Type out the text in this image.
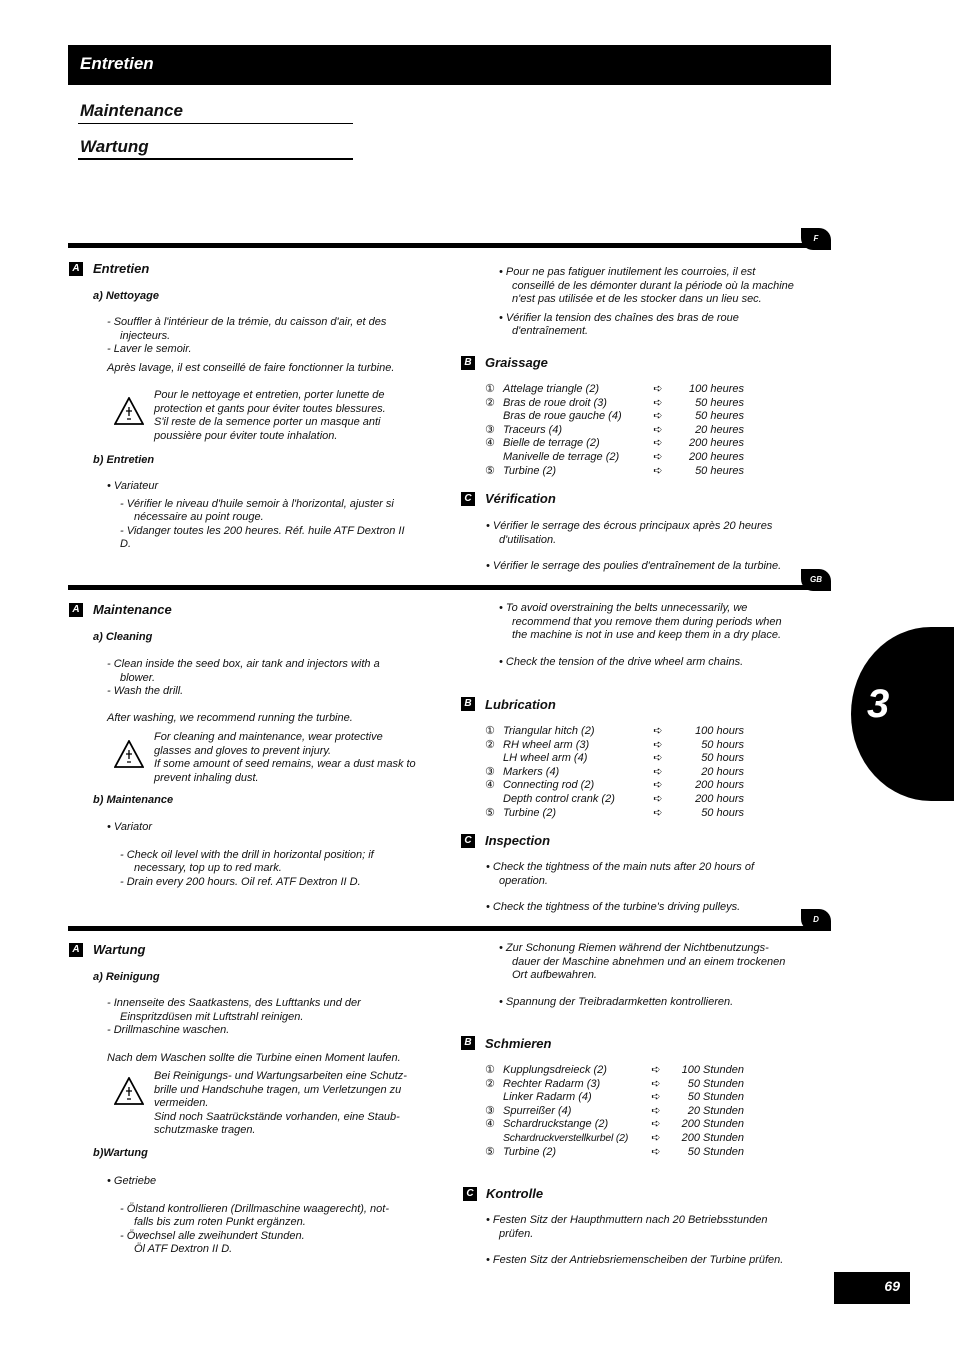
Entretien
Maintenance
Wartung
3
69
F
A Entretien
a) Nettoyage
- Souffler à l'intérieur de la trémie, du caisson d'air, et des
injecteurs.
- Laver le semoir.
Après lavage, il est conseillé de faire fonctionner la turbine.
Pour le nettoyage et entretien, porter lunette de
protection et gants pour éviter toutes blessures.
S'il reste de la semence porter un masque anti
poussière pour éviter toute inhalation.
b) Entretien
• Variateur
- Vérifier le niveau d'huile semoir à l'horizontal, ajuster si
nécessaire au point rouge.
- Vidanger toutes les 200 heures. Réf. huile ATF Dextron II D.
• Pour ne pas fatiguer inutilement les courroies, il est
conseillé de les démonter durant la période où la machine
n'est pas utilisée et de les stocker dans un lieu sec.
• Vérifier la tension des chaînes des bras de roue
d'entraînement.
B Graissage
①	Attelage triangle (2)	➪	100 heures
②	Bras de roue droit (3)	➪	50 heures
	Bras de roue gauche (4)	➪	50 heures
③	Traceurs (4)	➪	20 heures
④	Bielle de terrage (2)	➪	200 heures
	Manivelle de terrage (2)	➪	200 heures
⑤	Turbine (2)	➪	50 heures
C Vérification
• Vérifier le serrage des écrous principaux après 20 heures
d'utilisation.
• Vérifier le serrage des poulies d'entraînement de la turbine.
GB
A Maintenance
a) Cleaning
- Clean inside the seed box, air tank and injectors with a
blower.
- Wash the drill.
After washing, we recommend running the turbine.
For cleaning and maintenance, wear protective
glasses and gloves to prevent injury.
If some amount of seed remains, wear a dust mask to
prevent inhaling dust.
b) Maintenance
• Variator
- Check oil level with the drill in horizontal position; if
necessary, top up to red mark.
- Drain every 200 hours. Oil ref. ATF Dextron II D.
• To avoid overstraining the belts unnecessarily, we
recommend that you remove them during periods when
the machine is not in use and keep them in a dry place.
• Check the tension of the drive wheel arm chains.
B Lubrication
①	Triangular hitch (2)	➪	100 hours
②	RH wheel arm (3)	➪	50 hours
	LH wheel arm (4)	➪	50 hours
③	Markers (4)	➪	20 hours
④	Connecting rod (2)	➪	200 hours
	Depth control crank (2)	➪	200 hours
⑤	Turbine (2)	➪	50 hours
C Inspection
• Check the tightness of the main nuts after 20 hours of
operation.
• Check the tightness of the turbine's driving pulleys.
D
A Wartung
a) Reinigung
- Innenseite des Saatkastens, des Lufttanks und der
Einspritzdüsen mit Luftstrahl reinigen.
- Drillmaschine waschen.
Nach dem Waschen sollte die Turbine einen Moment laufen.
Bei Reinigungs- und Wartungsarbeiten eine Schutz-
brille und Handschuhe tragen, um Verletzungen zu
vermeiden.
Sind noch Saatrückstände vorhanden, eine Staub-
schutzmaske tragen.
b)Wartung
• Getriebe
- Ölstand kontrollieren (Drillmaschine waagerecht), not-
falls bis zum roten Punkt ergänzen.
- Öwechsel alle zweihundert Stunden.
Öl ATF Dextron II D.
• Zur Schonung Riemen während der Nichtbenutzungs-
dauer der Maschine abnehmen und an einem trockenen
Ort aufbewahren.
• Spannung der Treibradarmketten kontrollieren.
B Schmieren
①	Kupplungsdreieck (2)	➪	100 Stunden
②	Rechter Radarm (3)	➪	50 Stunden
	Linker Radarm (4)	➪	50 Stunden
③	Spurreißer (4)	➪	20 Stunden
④	Schardruckstange (2)	➪	200 Stunden
	Schardruckverstellkurbel (2)	➪	200 Stunden
⑤	Turbine (2)	➪	50 Stunden
C Kontrolle
• Festen Sitz der Haupthmuttern nach 20 Betriebsstunden
prüfen.
• Festen Sitz der Antriebsriemenscheiben der Turbine prüfen.
